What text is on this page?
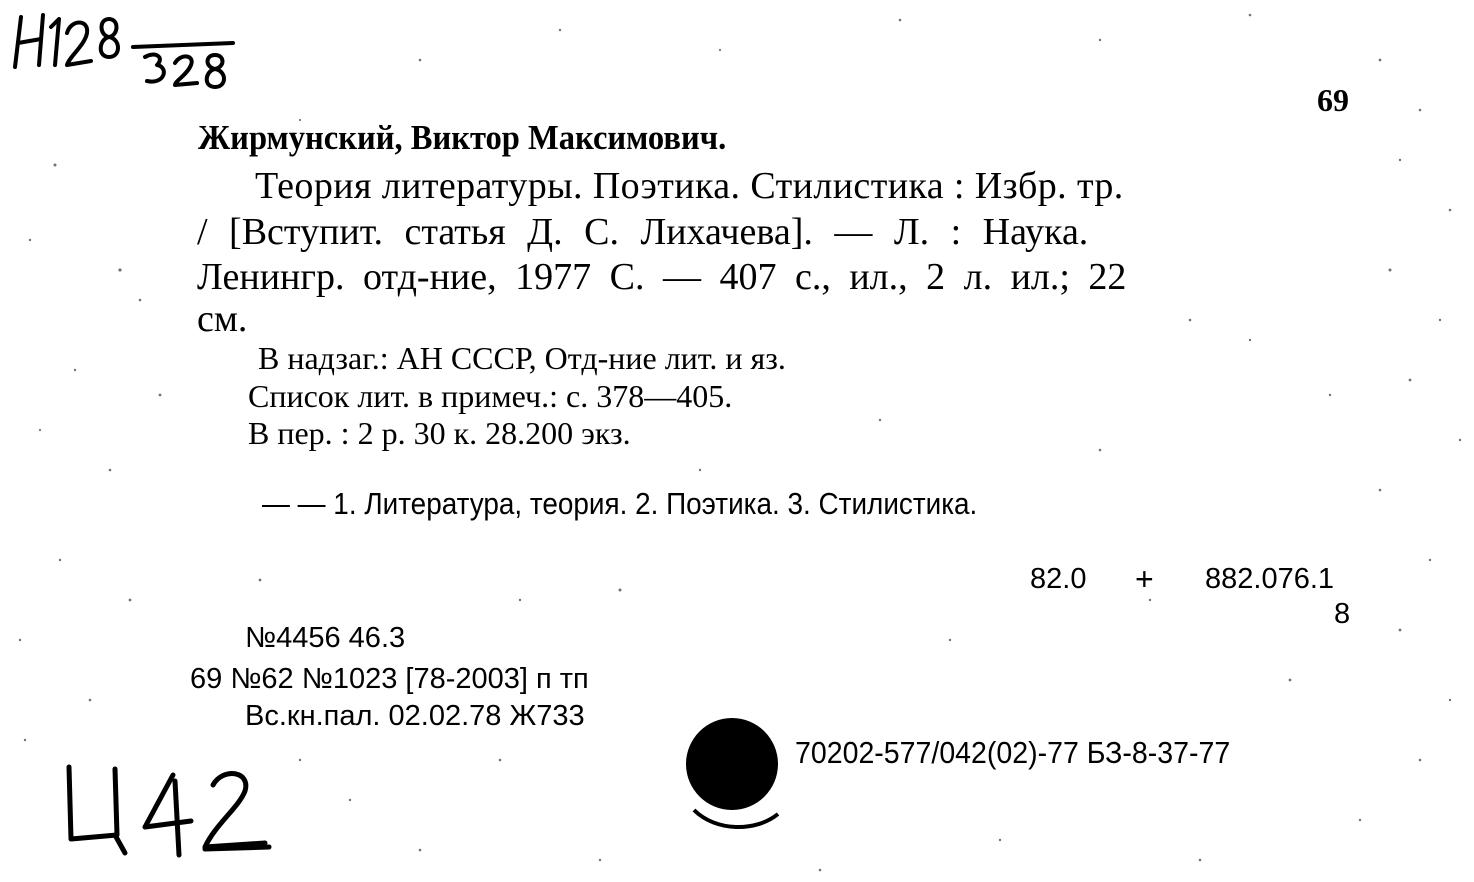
69
Жирмунский, Виктор Максимович.
Теория литературы. Поэтика. Стилистика : Избр. тр.
/ [Вступит. статья Д. С. Лихачева]. — Л. : Наука.
Ленингр. отд-ние, 1977 С. — 407 с., ил., 2 л. ил.; 22
см.
В надзаг.: АН СССР, Отд-ние лит. и яз.
Список лит. в примеч.: с. 378—405.
В пер. : 2 р. 30 к. 28.200 экз.
— — 1. Литература, теория. 2. Поэтика. 3. Стилистика.
82.0 + 882.076.1
8
№4456 46.3
69 №62 №1023 [78-2003] п тп
Вс.кн.пал. 02.02.78 Ж733
70202-577/042(02)-77 БЗ-8-37-77
